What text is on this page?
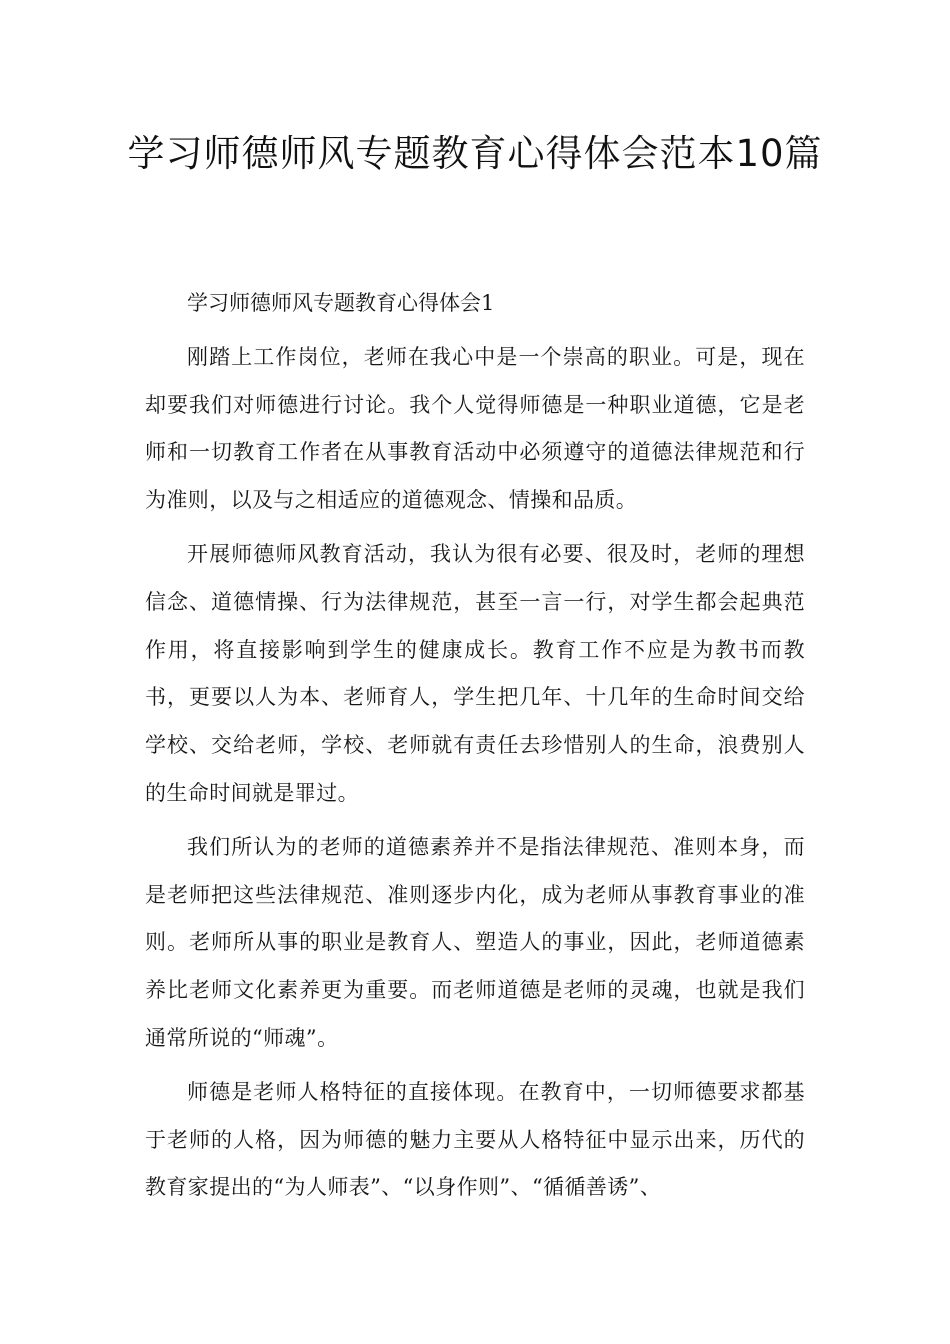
学习师德师风专题教育心得体会范本10篇

学习师德师风专题教育心得体会1

刚踏上工作岗位，老师在我心中是一个崇高的职业。可是，现在却要我们对师德进行讨论。我个人觉得师德是一种职业道德，它是老师和一切教育工作者在从事教育活动中必须遵守的道德法律规范和行为准则，以及与之相适应的道德观念、情操和品质。

开展师德师风教育活动，我认为很有必要、很及时，老师的理想信念、道德情操、行为法律规范，甚至一言一行，对学生都会起典范作用，将直接影响到学生的健康成长。教育工作不应是为教书而教书，更要以人为本、老师育人，学生把几年、十几年的生命时间交给学校、交给老师，学校、老师就有责任去珍惜别人的生命，浪费别人的生命时间就是罪过。

我们所认为的老师的道德素养并不是指法律规范、准则本身，而是老师把这些法律规范、准则逐步内化，成为老师从事教育事业的准则。老师所从事的职业是教育人、塑造人的事业，因此，老师道德素养比老师文化素养更为重要。而老师道德是老师的灵魂，也就是我们通常所说的“师魂”。

师德是老师人格特征的直接体现。在教育中，一切师德要求都基于老师的人格，因为师德的魅力主要从人格特征中显示出来，历代的教育家提出的“为人师表”、“以身作则”、“循循善诱”、
